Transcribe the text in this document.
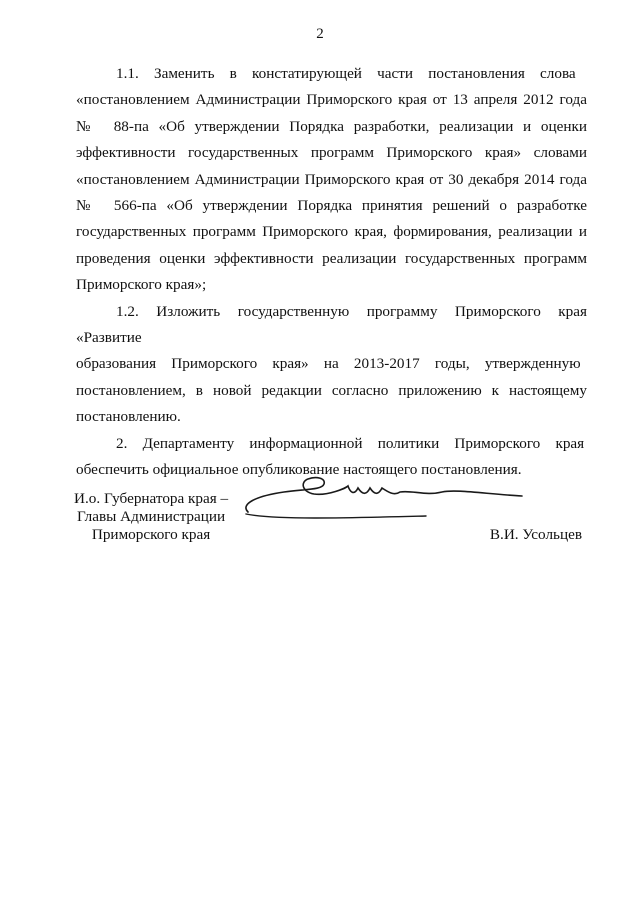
2
1.1. Заменить в констатирующей части постановления слова
«постановлением Администрации Приморского края от 13 апреля 2012 года
№  88-па «Об утверждении Порядка разработки, реализации и оценки
эффективности государственных программ Приморского края» словами
«постановлением Администрации Приморского края от 30 декабря 2014 года
№  566-па «Об утверждении Порядка принятия решений о разработке
государственных программ Приморского края, формирования, реализации и
проведения оценки эффективности реализации государственных программ
Приморского края»;
1.2. Изложить государственную программу Приморского края «Развитие
образования Приморского края» на 2013-2017 годы, утвержденную
постановлением, в новой редакции согласно приложению к настоящему
постановлению.
2. Департаменту информационной политики Приморского края
обеспечить официальное опубликование настоящего постановления.
И.о. Губернатора края –
Главы Администрации
Приморского края	В.И. Усольцев
